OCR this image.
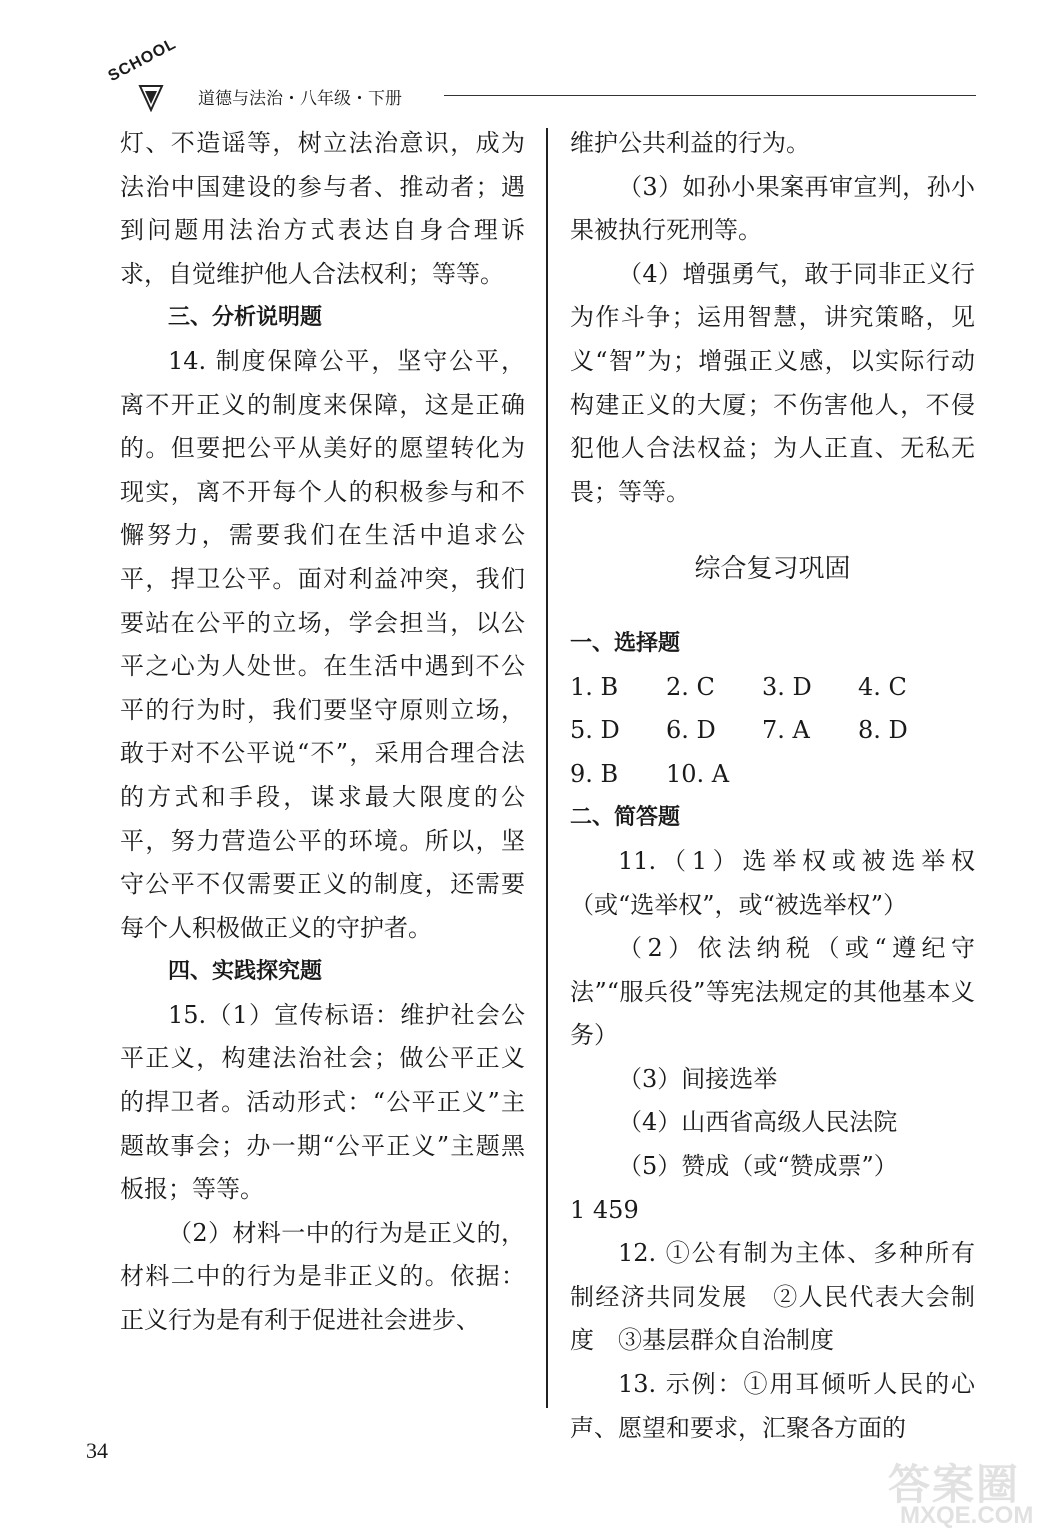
SCHOOL
道德与法治・八年级・下册

灯、不造谣等，树立法治意识，成为法治中国建设的参与者、推动者；遇到问题用法治方式表达自身合理诉求，自觉维护他人合法权利；等等。

三、分析说明题

14. 制度保障公平，坚守公平，离不开正义的制度来保障，这是正确的。但要把公平从美好的愿望转化为现实，离不开每个人的积极参与和不懈努力，需要我们在生活中追求公平，捍卫公平。面对利益冲突，我们要站在公平的立场，学会担当，以公平之心为人处世。在生活中遇到不公平的行为时，我们要坚守原则立场，敢于对不公平说“不”，采用合理合法的方式和手段，谋求最大限度的公平，努力营造公平的环境。所以，坚守公平不仅需要正义的制度，还需要每个人积极做正义的守护者。

四、实践探究题

15.（1）宣传标语：维护社会公平正义，构建法治社会；做公平正义的捍卫者。活动形式：“公平正义”主题故事会；办一期“公平正义”主题黑板报；等等。

（2）材料一中的行为是正义的，材料二中的行为是非正义的。依据：正义行为是有利于促进社会进步、

维护公共利益的行为。

（3）如孙小果案再审宣判，孙小果被执行死刑等。

（4）增强勇气，敢于同非正义行为作斗争；运用智慧，讲究策略，见义“智”为；增强正义感，以实际行动构建正义的大厦；不伤害他人，不侵犯他人合法权益；为人正直、无私无畏；等等。

综合复习巩固

一、选择题

1. B	2. C	3. D	4. C
5. D	6. D	7. A	8. D
9. B	10. A

二、简答题

11.（1）选举权或被选举权（或“选举权”，或“被选举权”）

（2）依法纳税（或“遵纪守法”“服兵役”等宪法规定的其他基本义务）

（3）间接选举

（4）山西省高级人民法院

（5）赞成（或“赞成票”）

1 459

12. ①公有制为主体、多种所有制经济共同发展　②人民代表大会制度　③基层群众自治制度

13. 示例：①用耳倾听人民的心声、愿望和要求，汇聚各方面的

34
答案圈
MXQE.COM
